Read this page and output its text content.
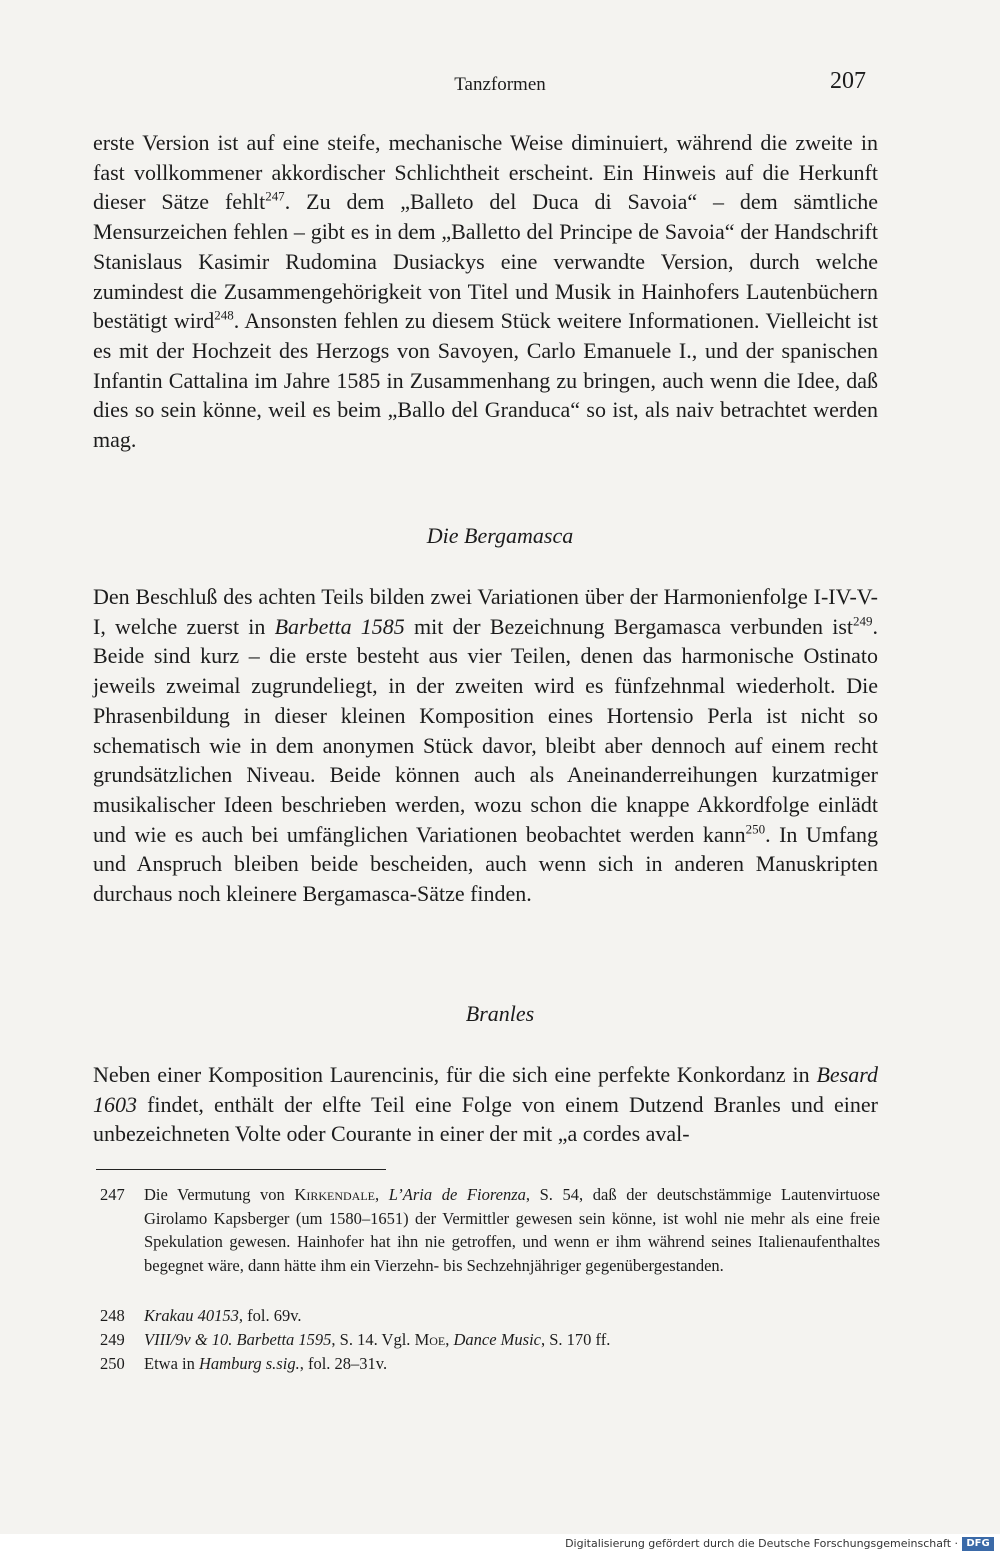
Tanzformen	207

erste Version ist auf eine steife, mechanische Weise diminuiert, während die zweite in fast vollkommener akkordischer Schlichtheit erscheint. Ein Hinweis auf die Herkunft dieser Sätze fehlt$^{247}$. Zu dem „Balleto del Duca di Savoia“ – dem sämtliche Mensurzeichen fehlen – gibt es in dem „Balletto del Principe de Savoia“ der Handschrift Stanislaus Kasimir Rudomina Dusiackys eine verwandte Version, durch welche zumindest die Zusammengehörigkeit von Titel und Musik in Hainhofers Lautenbüchern bestätigt wird$^{248}$. Ansonsten fehlen zu diesem Stück weitere Informationen. Vielleicht ist es mit der Hochzeit des Herzogs von Savoyen, Carlo Emanuele I., und der spanischen Infantin Cattalina im Jahre 1585 in Zusammenhang zu bringen, auch wenn die Idee, daß dies so sein könne, weil es beim „Ballo del Granduca“ so ist, als naiv betrachtet werden mag.

Die Bergamasca

Den Beschluß des achten Teils bilden zwei Variationen über der Harmonienfolge I-IV-V-I, welche zuerst in Barbetta 1585 mit der Bezeichnung Bergamasca verbunden ist$^{249}$. Beide sind kurz – die erste besteht aus vier Teilen, denen das harmonische Ostinato jeweils zweimal zugrundeliegt, in der zweiten wird es fünfzehnmal wiederholt. Die Phrasenbildung in dieser kleinen Komposition eines Hortensio Perla ist nicht so schematisch wie in dem anonymen Stück davor, bleibt aber dennoch auf einem recht grundsätzlichen Niveau. Beide können auch als Aneinanderreihungen kurzatmiger musikalischer Ideen beschrieben werden, wozu schon die knappe Akkordfolge einlädt und wie es auch bei umfänglichen Variationen beobachtet werden kann$^{250}$. In Umfang und Anspruch bleiben beide bescheiden, auch wenn sich in anderen Manuskripten durchaus noch kleinere Bergamasca-Sätze finden.

Branles

Neben einer Komposition Laurencinis, für die sich eine perfekte Konkordanz in Besard 1603 findet, enthält der elfte Teil eine Folge von einem Dutzend Branles und einer unbezeichneten Volte oder Courante in einer der mit „a cordes aval-

247	Die Vermutung von Kirkendale, L’Aria de Fiorenza, S. 54, daß der deutschstämmige Lautenvirtuose Girolamo Kapsberger (um 1580–1651) der Vermittler gewesen sein könne, ist wohl nie mehr als eine freie Spekulation gewesen. Hainhofer hat ihn nie getroffen, und wenn er ihm während seines Italienaufenthaltes begegnet wäre, dann hätte ihm ein Vierzehn- bis Sechzehnjähriger gegenübergestanden.
248	Krakau 40153, fol. 69v.
249	VIII/9v & 10. Barbetta 1595, S. 14. Vgl. Moe, Dance Music, S. 170 ff.
250	Etwa in Hamburg s.sig., fol. 28–31v.
Digitalisierung gefördert durch die Deutsche Forschungsgemeinschaft · DFG
